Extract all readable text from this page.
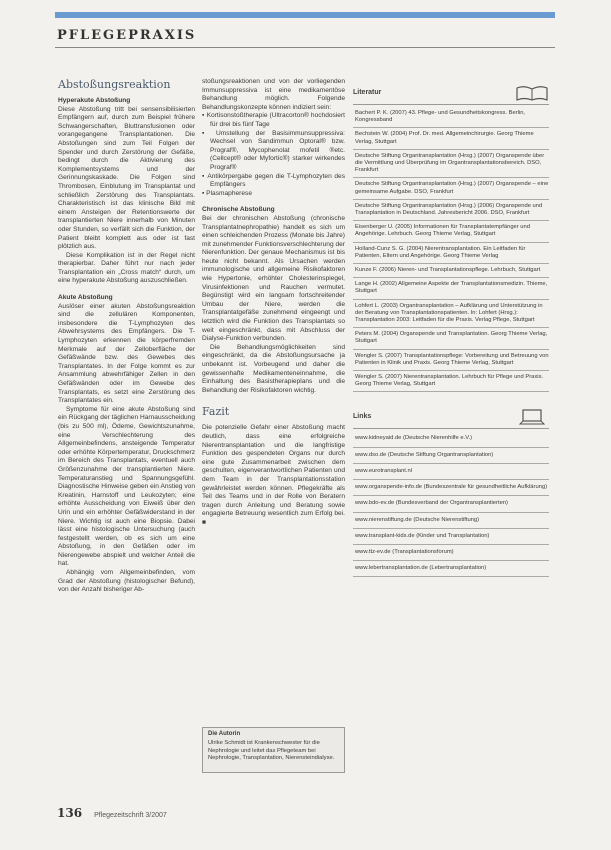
PFLEGEPRAXIS
Abstoßungsreaktion

Hyperakute Abstoßung

Diese Abstoßung tritt bei sensensibilisierten Empfängern auf, durch zum Beispiel frühere Schwangerschaften, Bluttransfusionen oder vorangegangene Transplantationen. Die Abstoßungen sind zum Teil Folgen der Spender und durch Zerstörung der Gefäße, bedingt durch die Aktivierung des Komplementsystems und der Gerinnungskaskade. Die Folgen sind Thrombosen, Einblutung im Transplantat und schließlich Zerstörung des Transplantats. Charakteristisch ist das klinische Bild mit einem Ansteigen der Retentionswerte der transplantierten Niere innerhalb von Minuten oder Stunden, so verfällt sich die Funktion, der Patient bleibt komplett aus oder ist fast plötzlich aus.

Diese Komplikation ist in der Regel nicht therapierbar. Daher führt nur nach jeder Transplantation ein „Cross match“ durch, um eine hyperakute Abstoßung auszuschließen.

Akute Abstoßung

Auslöser einer akuten Abstoßungsreaktion sind die zellulären Komponenten, insbesondere die T-Lymphozyten des Abwehrsystems des Empfängers. Die T-Lymphozyten erkennen die körperfremden Merkmale auf der Zelloberfläche der Gefäßwände bzw. des Gewebes des Transplantates. In der Folge kommt es zur Ansammlung abwehrfähiger Zellen in den Gefäßwänden oder im Gewebe des Transplantats, es setzt eine Zerstörung des Transplantates ein.

Symptome für eine akute Abstoßung sind ein Rückgang der täglichen Harnausscheidung (bis zu 500 ml), Ödeme, Gewichtszunahme, eine Verschlechterung des Allgemeinbefindens, ansteigende Temperatur oder erhöhte Körpertemperatur, Druckschmerz im Bereich des Transplantats, eventuell auch Größenzunahme der transplantierten Niere. Temperaturanstieg und Spannungsgefühl. Diagnostische Hinweise geben ein Anstieg von Kreatinin, Harnstoff und Leukozyten; eine erhöhte Ausscheidung von Eiweiß über den Urin und ein erhöhter Gefäßwiderstand in der Niere. Wichtig ist auch eine Biopsie. Dabei lässt eine histologische Untersuchung (auch festgestellt werden, ob es sich um eine Abstoßung, in den Gefäßen oder im Nierengewebe abspielt und welcher Anteil die hat.

Abhängig vom Allgemeinbefinden, vom Grad der Abstoßung (histologischer Befund), von der Anzahl bisheriger Ab-

stoßungsreaktionen und von der vorliegenden Immunsuppressiva ist eine medikamentöse Behandlung möglich. Folgende Behandlungskonzepte können indiziert sein:

▪ Kortisonstoßtherapie (Ultracorton® hochdosiert für drei bis fünf Tage

▪ Umstellung der Basisimmunsuppressiva: Wechsel von Sandimmun Optoral® bzw. Prograf®, Mycophenolat mofetil ®etc. (Cellcept® oder Myfortic®) starker wirkendes Prograf®

▪ Antikörpergabe gegen die T-Lymphozyten des Empfängers

▪ Plasmapherese

Chronische Abstoßung

Bei der chronischen Abstoßung (chronische Transplantatnephropathie) handelt es sich um einen schleichenden Prozess (Monate bis Jahre) mit zunehmender Funktionsverschlechterung der Nierenfunktion. Der genaue Mechanismus ist bis heute nicht bekannt. Als Ursachen werden immunologische und allgemeine Risikofaktoren wie Hypertonie, erhöhter Cholesterinspiegel, Virusinfektionen und Rauchen vermutet. Begünstigt wird ein langsam fortschreitender Umbau der Niere, werden die Transplantatgefäße zunehmend eingeengt und letztlich wird die Funktion des Transplantats so weit eingeschränkt, dass mit Abschluss der Dialyse-Funktion verbunden.

Die Behandlungsmöglichkeiten sind eingeschränkt, da die Abstoßungsursache ja unbekannt ist. Vorbeugend und daher die gewissenhafte Medikamenteneinnahme, die Einhaltung des Basistherapieplans und die Behandlung der Risikofaktoren wichtig.

Fazit

Die potenzielle Gefahr einer Abstoßung macht deutlich, dass eine erfolgreiche Nierentransplantation und die langfristige Funktion des gespendeten Organs nur durch eine gute Zusammenarbeit zwischen dem geschulten, eigenverantwortlichen Patienten und dem Team in der Transplantationsstation gewährleistet werden können. Pflegekräfte als Teil des Teams und in der Rolle von Beratern tragen durch Anleitung und Beratung sowie engagierte Betreuung wesentlich zum Erfolg bei. ■

Die Autorin
Ulrike Schmidt ist Krankenschwester für die Nephrologie und leitet das Pflegeteam bei Nephrologie, Transplantation, Nierensteindialyse.
Literatur
Bachert P. K. (2007) 43. Pflege- und Gesundheitskongress. Berlin, Kongressband
Bechstein W. (2004) Prof. Dr. med. Allgemeinchirurgie. Georg Thieme Verlag, Stuttgart
Deutsche Stiftung Organtransplantation (Hrsg.) (2007) Organspende über die Vermittlung und Überprüfung im Organtransplantationsbereich. DSO, Frankfurt
Deutsche Stiftung Organtransplantation (Hrsg.) (2007) Organspende – eine gemeinsame Aufgabe. DSO, Frankfurt
Deutsche Stiftung Organtransplantation (Hrsg.) (2006) Organspende und Transplantation in Deutschland. Jahresbericht 2006. DSO, Frankfurt
Eisenberger U. (2005) Informationen für Transplantatempfänger und Angehörige. Lehrbuch. Georg Thieme Verlag, Stuttgart
Holland-Cunz S. G. (2004) Nierentransplantation. Ein Leitfaden für Patienten, Eltern und Angehörige. Georg Thieme Verlag
Kunze F. (2006) Nieren- und Transplantationspflege. Lehrbuch, Stuttgart
Lange H. (2002) Allgemeine Aspekte der Transplantationsmedizin. Thieme, Stuttgart
Lohfert L. (2003) Organtransplantation – Aufklärung und Unterstützung in der Beratung von Transplantationspatienten. In: Lohfert (Hrsg.): Transplantation 2003: Leitfaden für die Praxis. Verlag Pflege, Stuttgart
Peters M. (2004) Organspende und Transplantation. Georg Thieme Verlag, Stuttgart
Wengler S. (2007) Transplantationspflege: Vorbereitung und Betreuung von Patienten in Klinik und Praxis. Georg Thieme Verlag, Stuttgart
Wengler S. (2007) Nierentransplantation. Lehrbuch für Pflege und Praxis. Georg Thieme Verlag, Stuttgart
Links
www.kidneyaid.de (Deutsche Nierenhilfe e.V.)
www.dso.de (Deutsche Stiftung Organtransplantation)
www.eurotransplant.nl
www.organspende-info.de (Bundeszentrale für gesundheitliche Aufklärung)
www.bdo-ev.de (Bundesverband der Organtransplantierten)
www.nierenstiftung.de (Deutsche Nierenstiftung)
www.transplant-kids.de (Kinder und Transplantation)
www.ttz-ev.de (Transplantationsforum)
www.lebertransplantation.de (Lebertransplantation)
136 Pflegezeitschrift 3/2007
